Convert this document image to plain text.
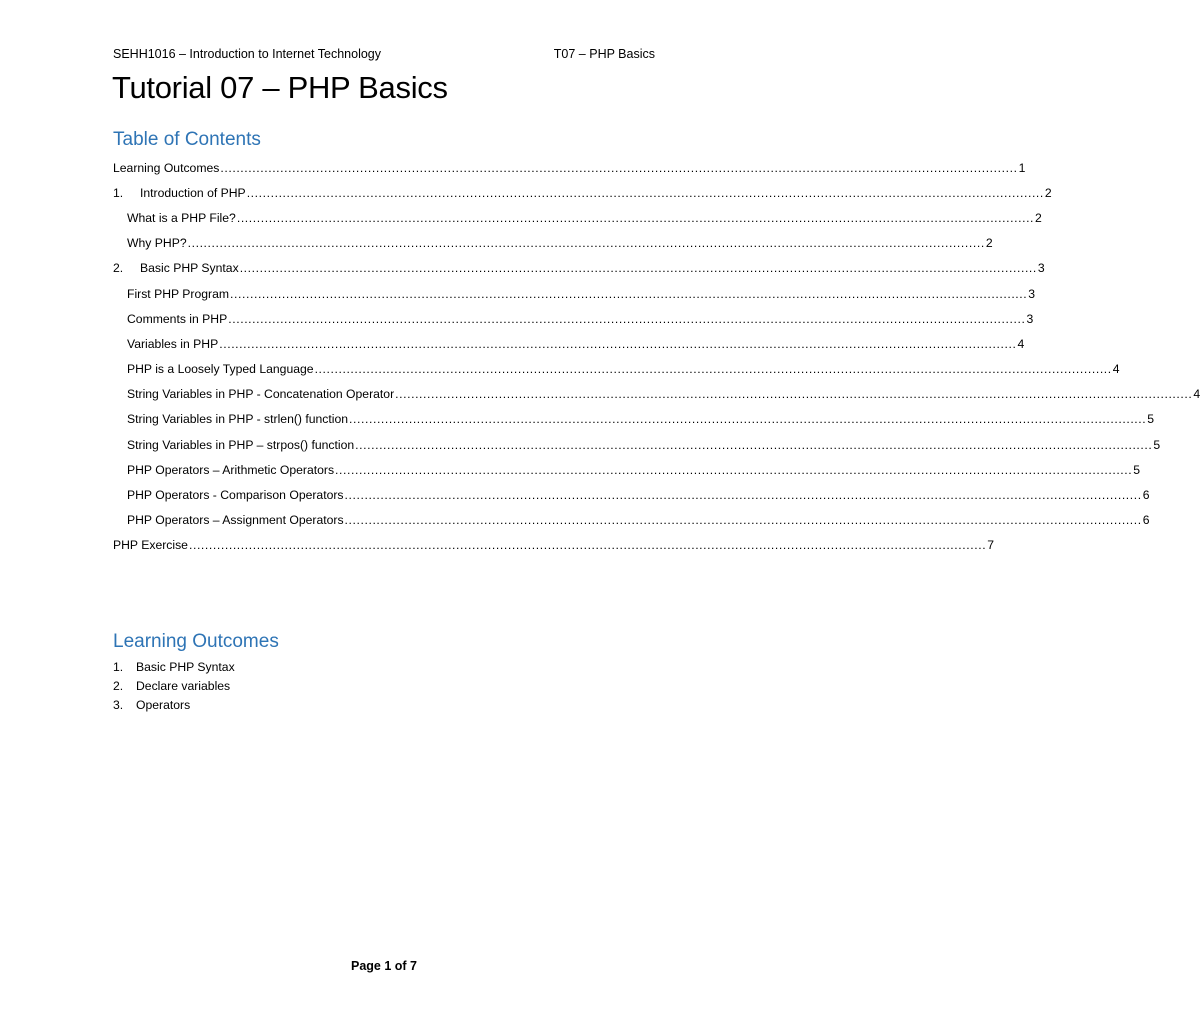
SEHH1016 – Introduction to Internet Technology	T07 – PHP Basics
Tutorial 07 – PHP Basics
Table of Contents
Learning Outcomes ........................................................................................................................................................................................................ 1
1.	Introduction of PHP ........................................................................................................................................................................................................ 2
What is a PHP File? ........................................................................................................................................................................................................ 2
Why PHP? ........................................................................................................................................................................................................ 2
2.	Basic PHP Syntax ........................................................................................................................................................................................................ 3
First PHP Program ........................................................................................................................................................................................................ 3
Comments in PHP ........................................................................................................................................................................................................ 3
Variables in PHP ........................................................................................................................................................................................................ 4
PHP is a Loosely Typed Language ........................................................................................................................................................................................................ 4
String Variables in PHP - Concatenation Operator ........................................................................................................................................................................................................ 4
String Variables in PHP - strlen() function ........................................................................................................................................................................................................ 5
String Variables in PHP – strpos() function ........................................................................................................................................................................................................ 5
PHP Operators – Arithmetic Operators ........................................................................................................................................................................................................ 5
PHP Operators - Comparison Operators ........................................................................................................................................................................................................ 6
PHP Operators – Assignment Operators ........................................................................................................................................................................................................ 6
PHP Exercise ........................................................................................................................................................................................................ 7
Learning Outcomes
1.	Basic PHP Syntax
2.	Declare variables
3.	Operators
Page 1 of 7
